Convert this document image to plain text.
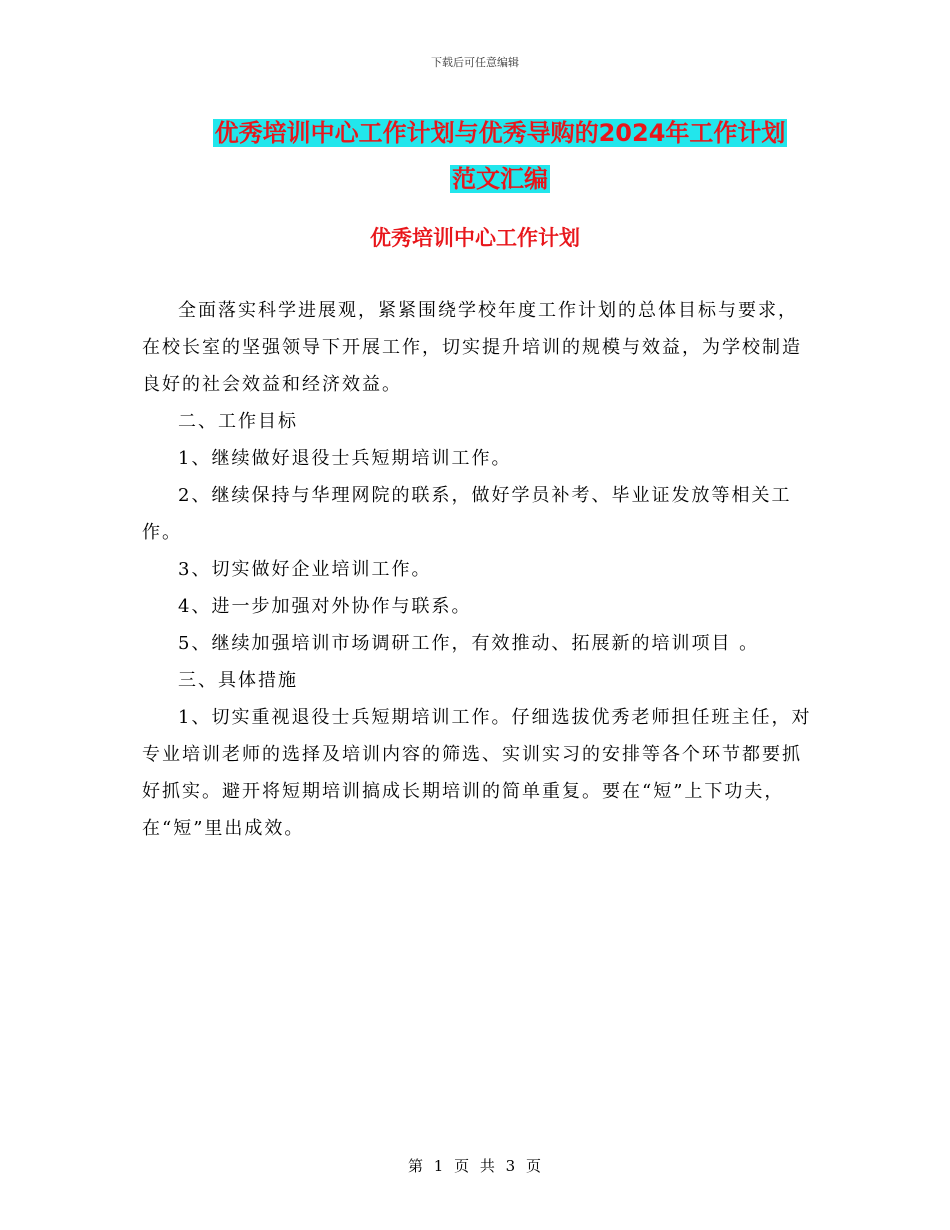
下载后可任意编辑
优秀培训中心工作计划与优秀导购的2024年工作计划
范文汇编
优秀培训中心工作计划

全面落实科学进展观，紧紧围绕学校年度工作计划的总体目标与要求，在校长室的坚强领导下开展工作，切实提升培训的规模与效益，为学校制造良好的社会效益和经济效益。

二、工作目标

1、继续做好退役士兵短期培训工作。

2、继续保持与华理网院的联系，做好学员补考、毕业证发放等相关工作。

3、切实做好企业培训工作。

4、进一步加强对外协作与联系。

5、继续加强培训市场调研工作，有效推动、拓展新的培训项目 。

三、具体措施

1、切实重视退役士兵短期培训工作。仔细选拔优秀老师担任班主任，对专业培训老师的选择及培训内容的筛选、实训实习的安排等各个环节都要抓好抓实。避开将短期培训搞成长期培训的简单重复。要在“短”上下功夫，在“短”里出成效。

第 1 页 共 3 页
